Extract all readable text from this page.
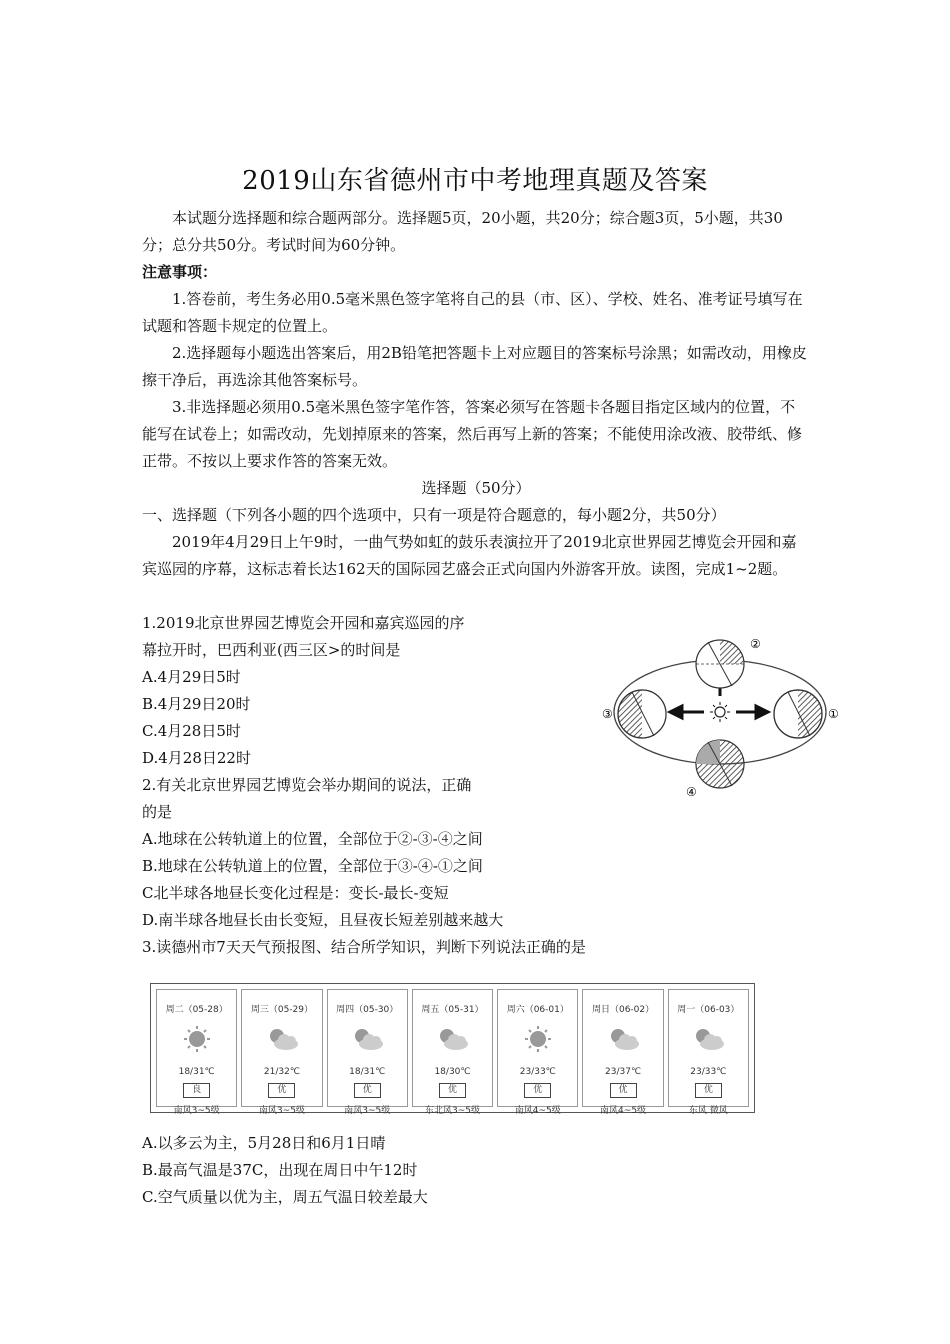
2019山东省德州市中考地理真题及答案
本试题分选择题和综合题两部分。选择题5页，20小题，共20分；综合题3页，5小题，共30分；总分共50分。考试时间为60分钟。
注意事项：
1.答卷前，考生务必用0.5毫米黑色签字笔将自己的县（市、区）、学校、姓名、准考证号填写在试题和答题卡规定的位置上。
2.选择题每小题选出答案后，用2B铅笔把答题卡上对应题目的答案标号涂黑；如需改动，用橡皮擦干净后，再选涂其他答案标号。
3.非选择题必须用0.5毫米黑色签字笔作答，答案必须写在答题卡各题目指定区域内的位置，不能写在试卷上；如需改动，先划掉原来的答案，然后再写上新的答案；不能使用涂改液、胶带纸、修正带。不按以上要求作答的答案无效。
选择题（50分）
一、选择题（下列各小题的四个选项中，只有一项是符合题意的，每小题2分，共50分）
2019年4月29日上午9时，一曲气势如虹的鼓乐表演拉开了2019北京世界园艺博览会开园和嘉宾巡园的序幕，这标志着长达162天的国际园艺盛会正式向国内外游客开放。读图，完成1~2题。
1.2019北京世界园艺博览会开园和嘉宾巡园的序
幕拉开时，巴西利亚(西三区>的时间是
A.4月29日5时
B.4月29日20时
C.4月28日5时
D.4月28日22时
2.有关北京世界园艺博览会举办期间的说法，正确
的是
A.地球在公转轨道上的位置，全部位于②-③-④之间
B.地球在公转轨道上的位置，全部位于③-④-①之间
C北半球各地昼长变化过程是：变长-最长-变短
D.南半球各地昼长由长变短，且昼夜长短差别越来越大
3.读德州市7天天气预报图、结合所学知识，判断下列说法正确的是
②
③	①
④
周二（05-28）
18/31℃
良
南风3~5级
周三（05-29）
21/32℃
优
南风3~5级
周四（05-30）
18/31℃
优
南风3~5级
周五（05-31）
18/30℃
优
东北风3~5级
周六（06-01）
23/33℃
优
南风4~5级
周日（06-02）
23/37℃
优
南风4~5级
周一（06-03）
23/33℃
优
东风 微风
A.以多云为主，5月28日和6月1日晴
B.最高气温是37C，出现在周日中午12时
C.空气质量以优为主，周五气温日较差最大
